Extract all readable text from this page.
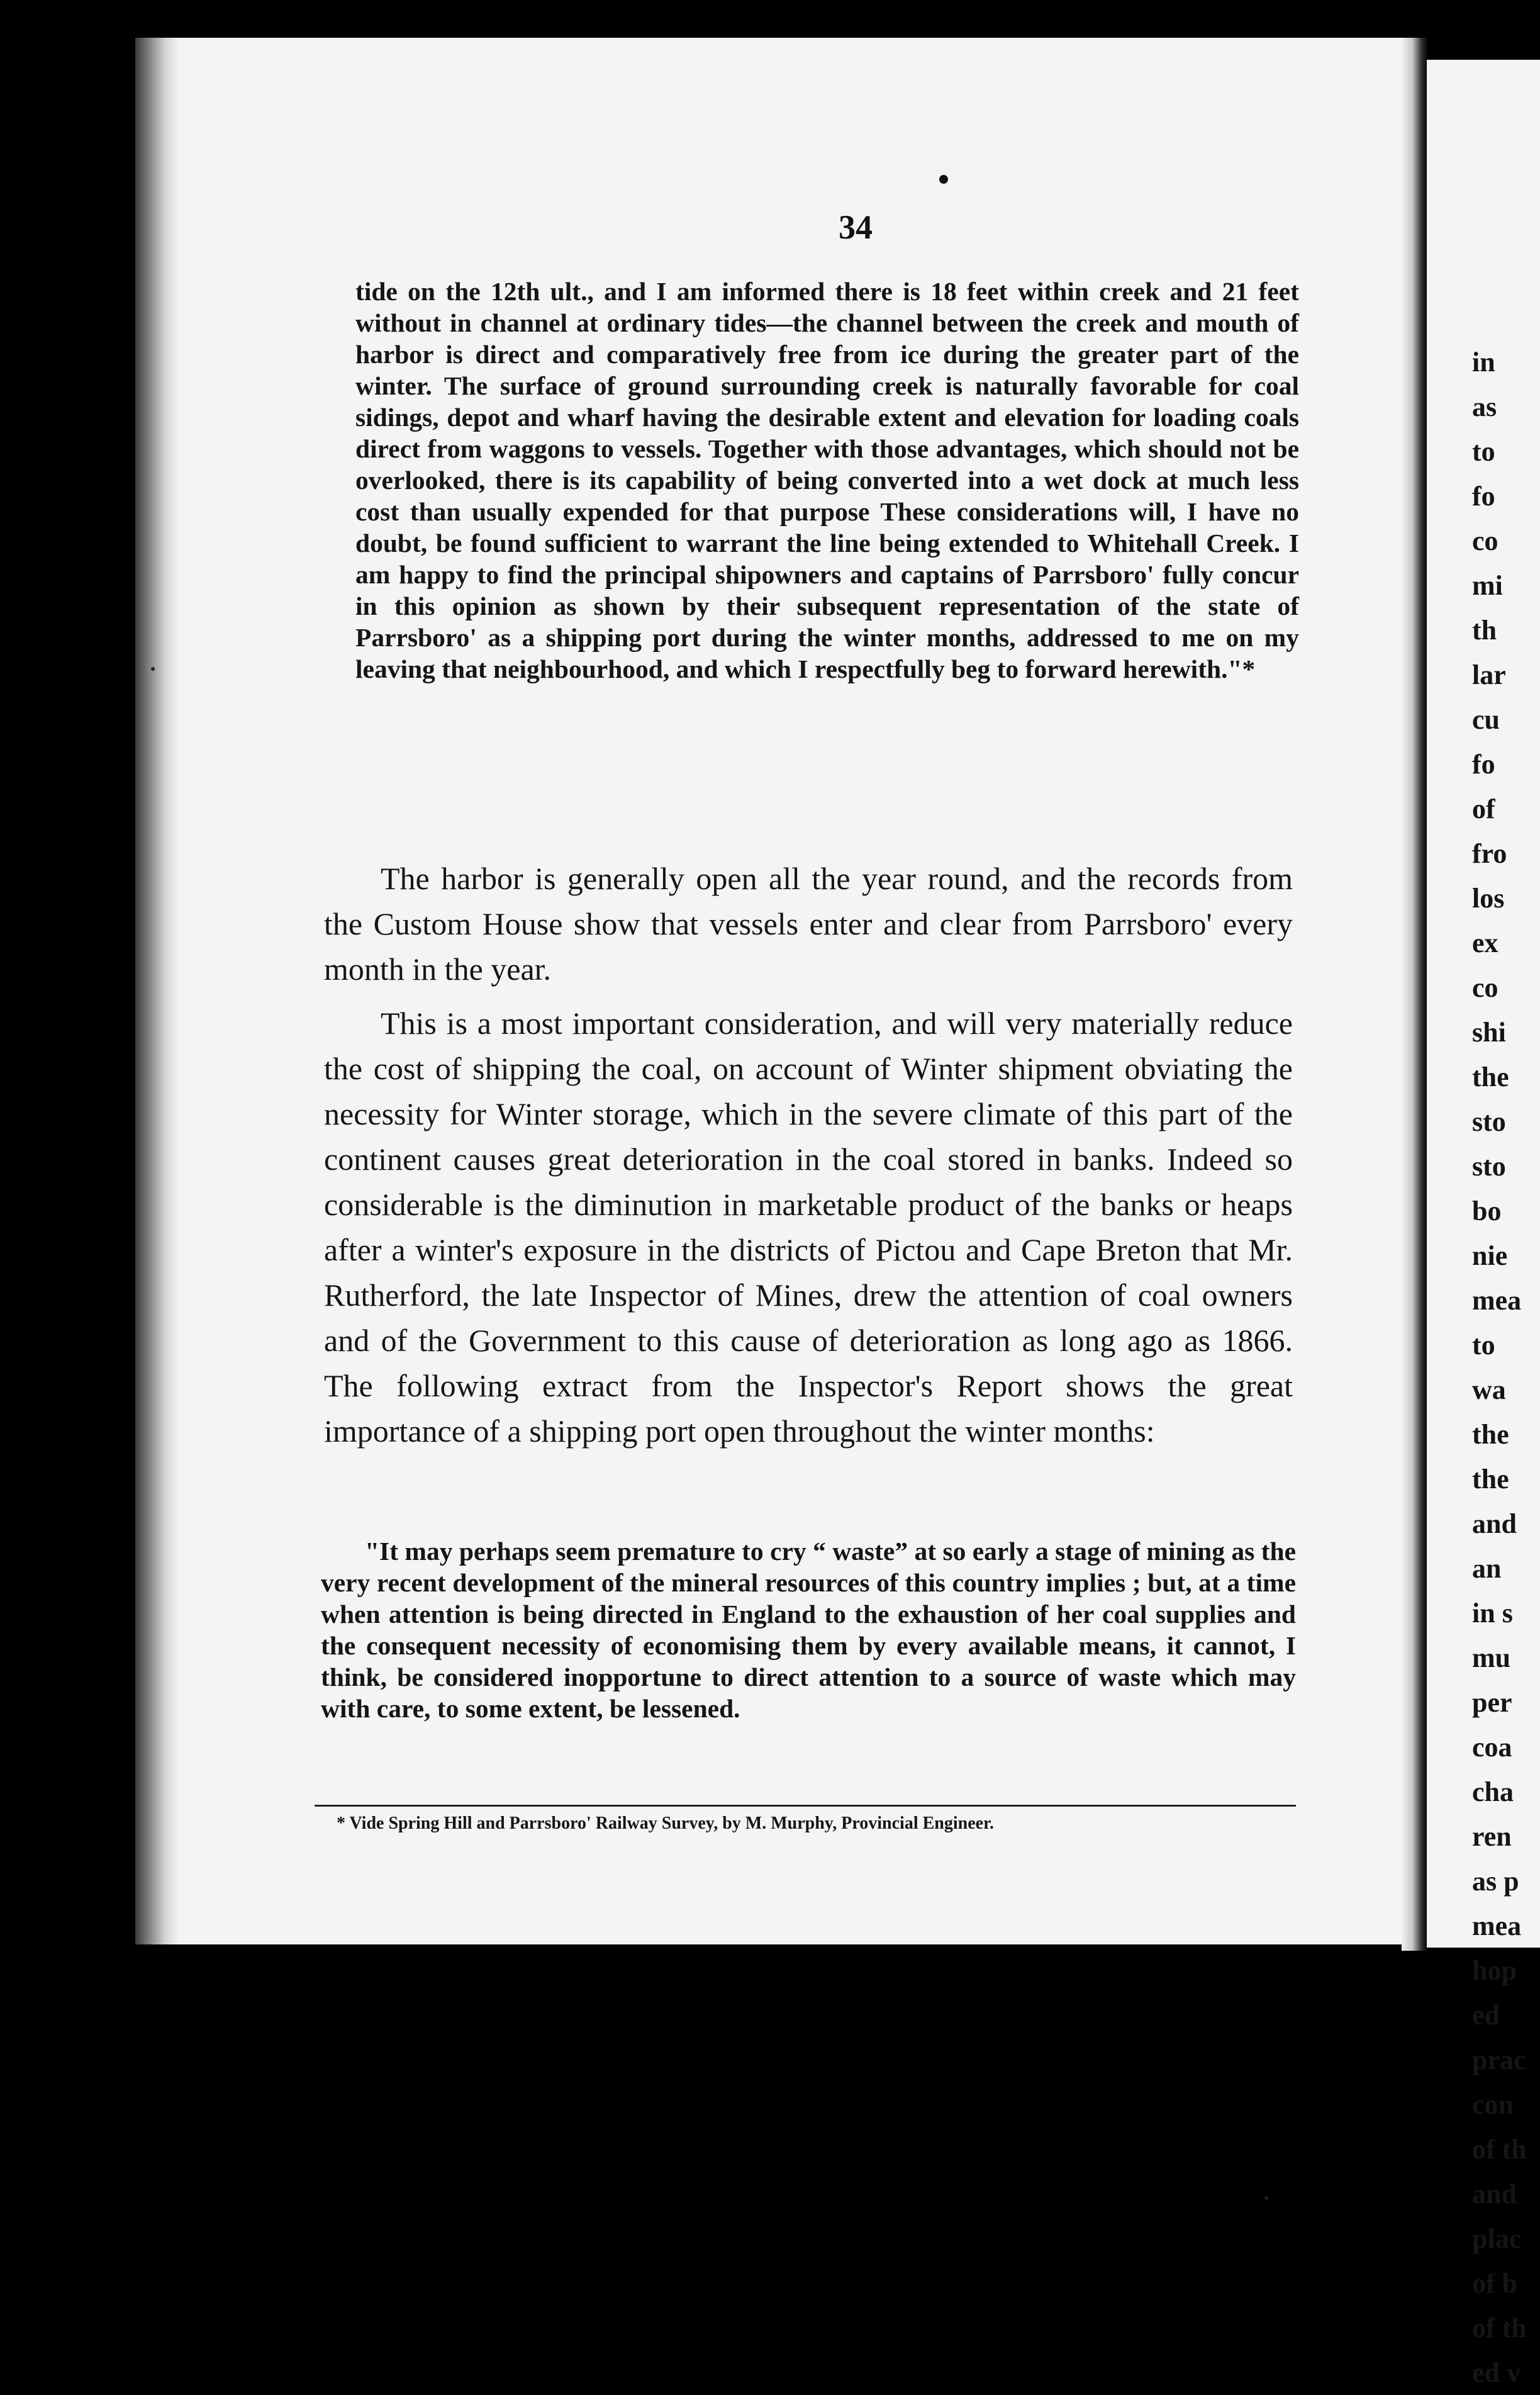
34

tide on the 12th ult., and I am informed there is 18 feet within creek and 21 feet without in channel at ordinary tides—the channel between the creek and mouth of harbor is direct and comparatively free from ice during the greater part of the winter. The surface of ground surrounding creek is naturally favorable for coal sidings, depot and wharf having the desirable extent and elevation for loading coals direct from waggons to vessels. Together with those advantages, which should not be overlooked, there is its capability of being converted into a wet dock at much less cost than usually expended for that purpose These considerations will, I have no doubt, be found sufficient to warrant the line being extended to Whitehall Creek. I am happy to find the principal shipowners and captains of Parrsboro' fully concur in this opinion as shown by their subsequent representation of the state of Parrsboro' as a shipping port during the winter months, addressed to me on my leaving that neighbourhood, and which I respectfully beg to forward herewith."*

The harbor is generally open all the year round, and the records from the Custom House show that vessels enter and clear from Parrsboro' every month in the year.

This is a most important consideration, and will very materially reduce the cost of shipping the coal, on account of Winter shipment obviating the necessity for Winter storage, which in the severe climate of this part of the continent causes great deterioration in the coal stored in banks. Indeed so considerable is the diminution in marketable product of the banks or heaps after a winter's exposure in the districts of Pictou and Cape Breton that Mr. Rutherford, the late Inspector of Mines, drew the attention of coal owners and of the Government to this cause of deterioration as long ago as 1866. The following extract from the Inspector's Report shows the great importance of a shipping port open throughout the winter months:

"It may perhaps seem premature to cry “ waste” at so early a stage of mining as the very recent development of the mineral resources of this country implies ; but, at a time when attention is being directed in England to the exhaustion of her coal supplies and the consequent necessity of economising them by every available means, it cannot, I think, be considered inopportune to direct attention to a source of waste which may with care, to some extent, be lessened.

* Vide Spring Hill and Parrsboro' Railway Survey, by M. Murphy, Provincial Engineer.
in
as
to
fo
co
mi
th
lar
cu
fo
of
fro
los
ex
co
shi
the
sto
sto
bo
nie
mea
to
wa
the
the
and
an
in s
mu
per
coa
cha
ren
as p
mea
hop
ed
prac
con
of th
and
plac
of b
of th
ed v
